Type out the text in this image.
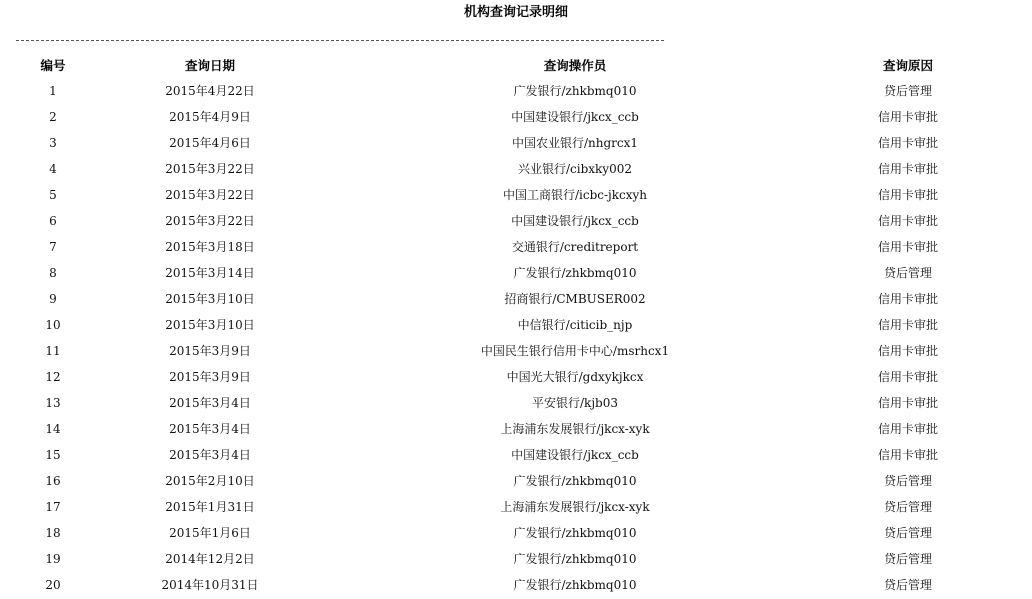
机构查询记录明细
编号	查询日期	查询操作员	查询原因
1	2015年4月22日	广发银行/zhkbmq010	贷后管理
2	2015年4月9日	中国建设银行/jkcx_ccb	信用卡审批
3	2015年4月6日	中国农业银行/nhgrcx1	信用卡审批
4	2015年3月22日	兴业银行/cibxky002	信用卡审批
5	2015年3月22日	中国工商银行/icbc-jkcxyh	信用卡审批
6	2015年3月22日	中国建设银行/jkcx_ccb	信用卡审批
7	2015年3月18日	交通银行/creditreport	信用卡审批
8	2015年3月14日	广发银行/zhkbmq010	贷后管理
9	2015年3月10日	招商银行/CMBUSER002	信用卡审批
10	2015年3月10日	中信银行/citicib_njp	信用卡审批
11	2015年3月9日	中国民生银行信用卡中心/msrhcx1	信用卡审批
12	2015年3月9日	中国光大银行/gdxykjkcx	信用卡审批
13	2015年3月4日	平安银行/kjb03	信用卡审批
14	2015年3月4日	上海浦东发展银行/jkcx-xyk	信用卡审批
15	2015年3月4日	中国建设银行/jkcx_ccb	信用卡审批
16	2015年2月10日	广发银行/zhkbmq010	贷后管理
17	2015年1月31日	上海浦东发展银行/jkcx-xyk	贷后管理
18	2015年1月6日	广发银行/zhkbmq010	贷后管理
19	2014年12月2日	广发银行/zhkbmq010	贷后管理
20	2014年10月31日	广发银行/zhkbmq010	贷后管理
